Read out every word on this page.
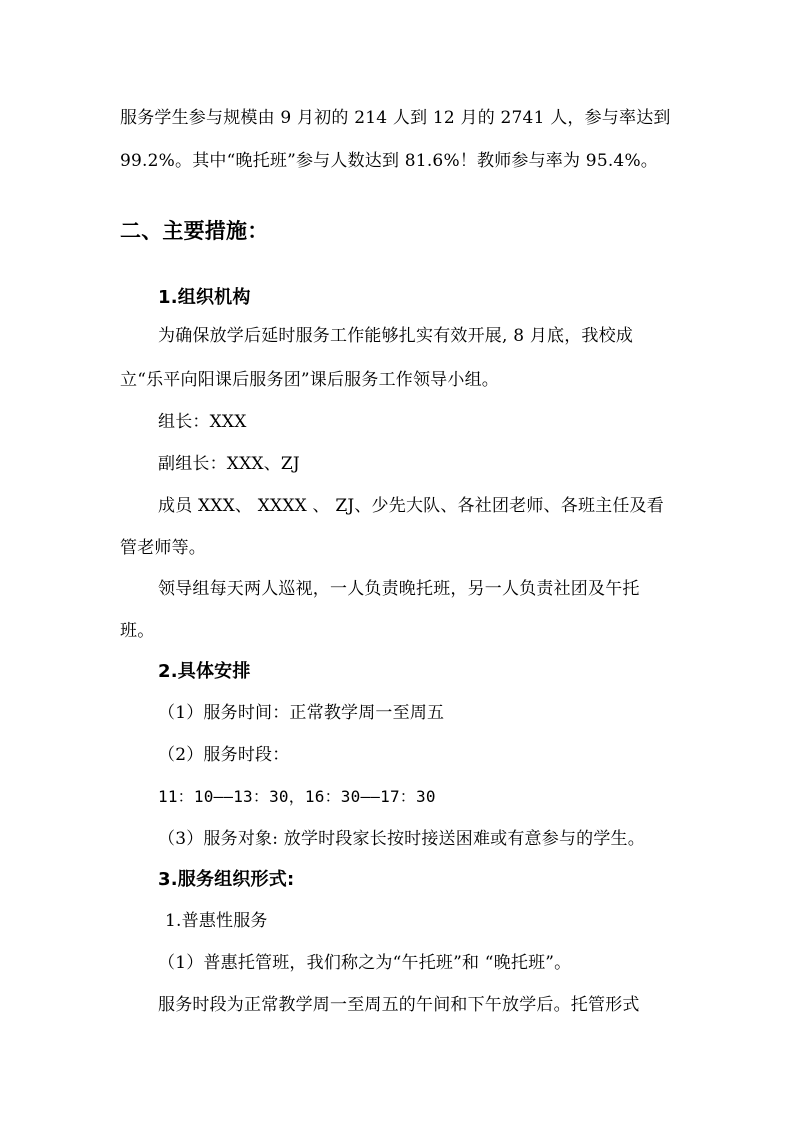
服务学生参与规模由 9 月初的 214 人到 12 月的 2741 人，参与率达到
99.2%。其中“晚托班”参与人数达到 81.6%！教师参与率为 95.4%。
二、主要措施：
1.组织机构
为确保放学后延时服务工作能够扎实有效开展, 8 月底，我校成
立“乐平向阳课后服务团”课后服务工作领导小组。
组长：XXX
副组长：XXX、ZJ
成员 XXX、 XXXX 、 ZJ、少先大队、各社团老师、各班主任及看
管老师等。
领导组每天两人巡视，一人负责晚托班，另一人负责社团及午托
班。
2.具体安排
（1）服务时间：正常教学周一至周五
（2）服务时段：
11：10——13：30，16：30——17：30
（3）服务对象: 放学时段家长按时接送困难或有意参与的学生。
3.服务组织形式:
1.普惠性服务
（1）普惠托管班，我们称之为“午托班”和 “晚托班”。
服务时段为正常教学周一至周五的午间和下午放学后。托管形式
